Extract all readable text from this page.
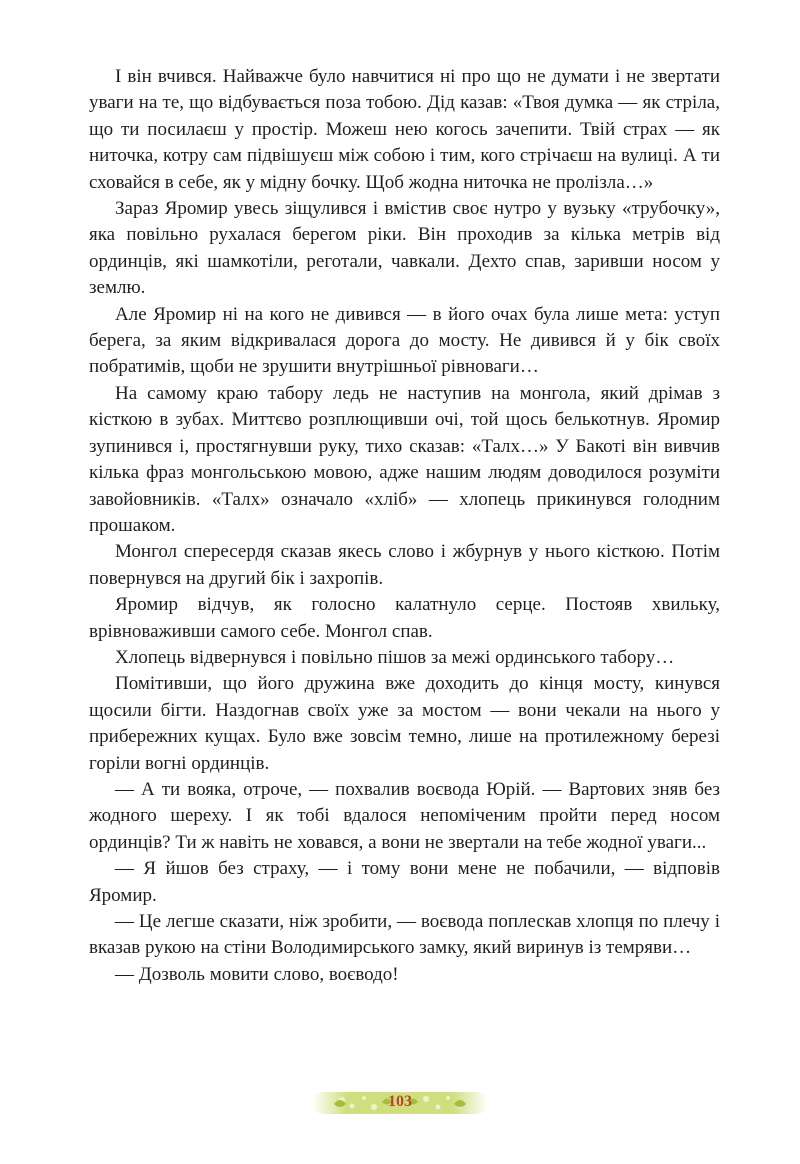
І він вчився. Найважче було навчитися ні про що не думати і не звертати уваги на те, що відбувається поза тобою. Дід казав: «Твоя думка — як стріла, що ти посилаєш у простір. Можеш нею когось зачепити. Твій страх — як ниточка, котру сам підвішуєш між собою і тим, кого стрічаєш на вулиці. А ти сховайся в себе, як у мідну бочку. Щоб жодна ниточка не пролізла…»

Зараз Яромир увесь зіщулився і вмістив своє нутро у вузьку «трубочку», яка повільно рухалася берегом ріки. Він проходив за кілька метрів від ординців, які шамкотіли, реготали, чавкали. Дехто спав, заривши носом у землю.

Але Яромир ні на кого не дивився — в його очах була лише мета: уступ берега, за яким відкривалася дорога до мосту. Не дивився й у бік своїх побратимів, щоби не зрушити внутрішньої рівноваги…

На самому краю табору ледь не наступив на монгола, який дрімав з кісткою в зубах. Миттєво розплющивши очі, той щось белькотнув. Яромир зупинився і, простягнувши руку, тихо сказав: «Талх…» У Бакоті він вивчив кілька фраз монгольською мовою, адже нашим людям доводилося розуміти завойовників. «Талх» означало «хліб» — хлопець прикинувся голодним прошаком.

Монгол спересердя сказав якесь слово і жбурнув у нього кісткою. Потім повернувся на другий бік і захропів.

Яромир відчув, як голосно калатнуло серце. Постояв хвильку, врівноваживши самого себе. Монгол спав.

Хлопець відвернувся і повільно пішов за межі ординського табору…

Помітивши, що його дружина вже доходить до кінця мосту, кинувся щосили бігти. Наздогнав своїх уже за мостом — вони чекали на нього у прибережних кущах. Було вже зовсім темно, лише на протилежному березі горіли вогні ординців.

— А ти вояка, отроче, — похвалив воєвода Юрій. — Вартових зняв без жодного шереху. І як тобі вдалося непоміченим пройти перед носом ординців? Ти ж навіть не ховався, а вони не звертали на тебе жодної уваги...

— Я йшов без страху, — і тому вони мене не побачили, — відповів Яромир.

— Це легше сказати, ніж зробити, — воєвода поплескав хлопця по плечу і вказав рукою на стіни Володимирського замку, який виринув із темряви…

— Дозволь мовити слово, воєводо!

103
